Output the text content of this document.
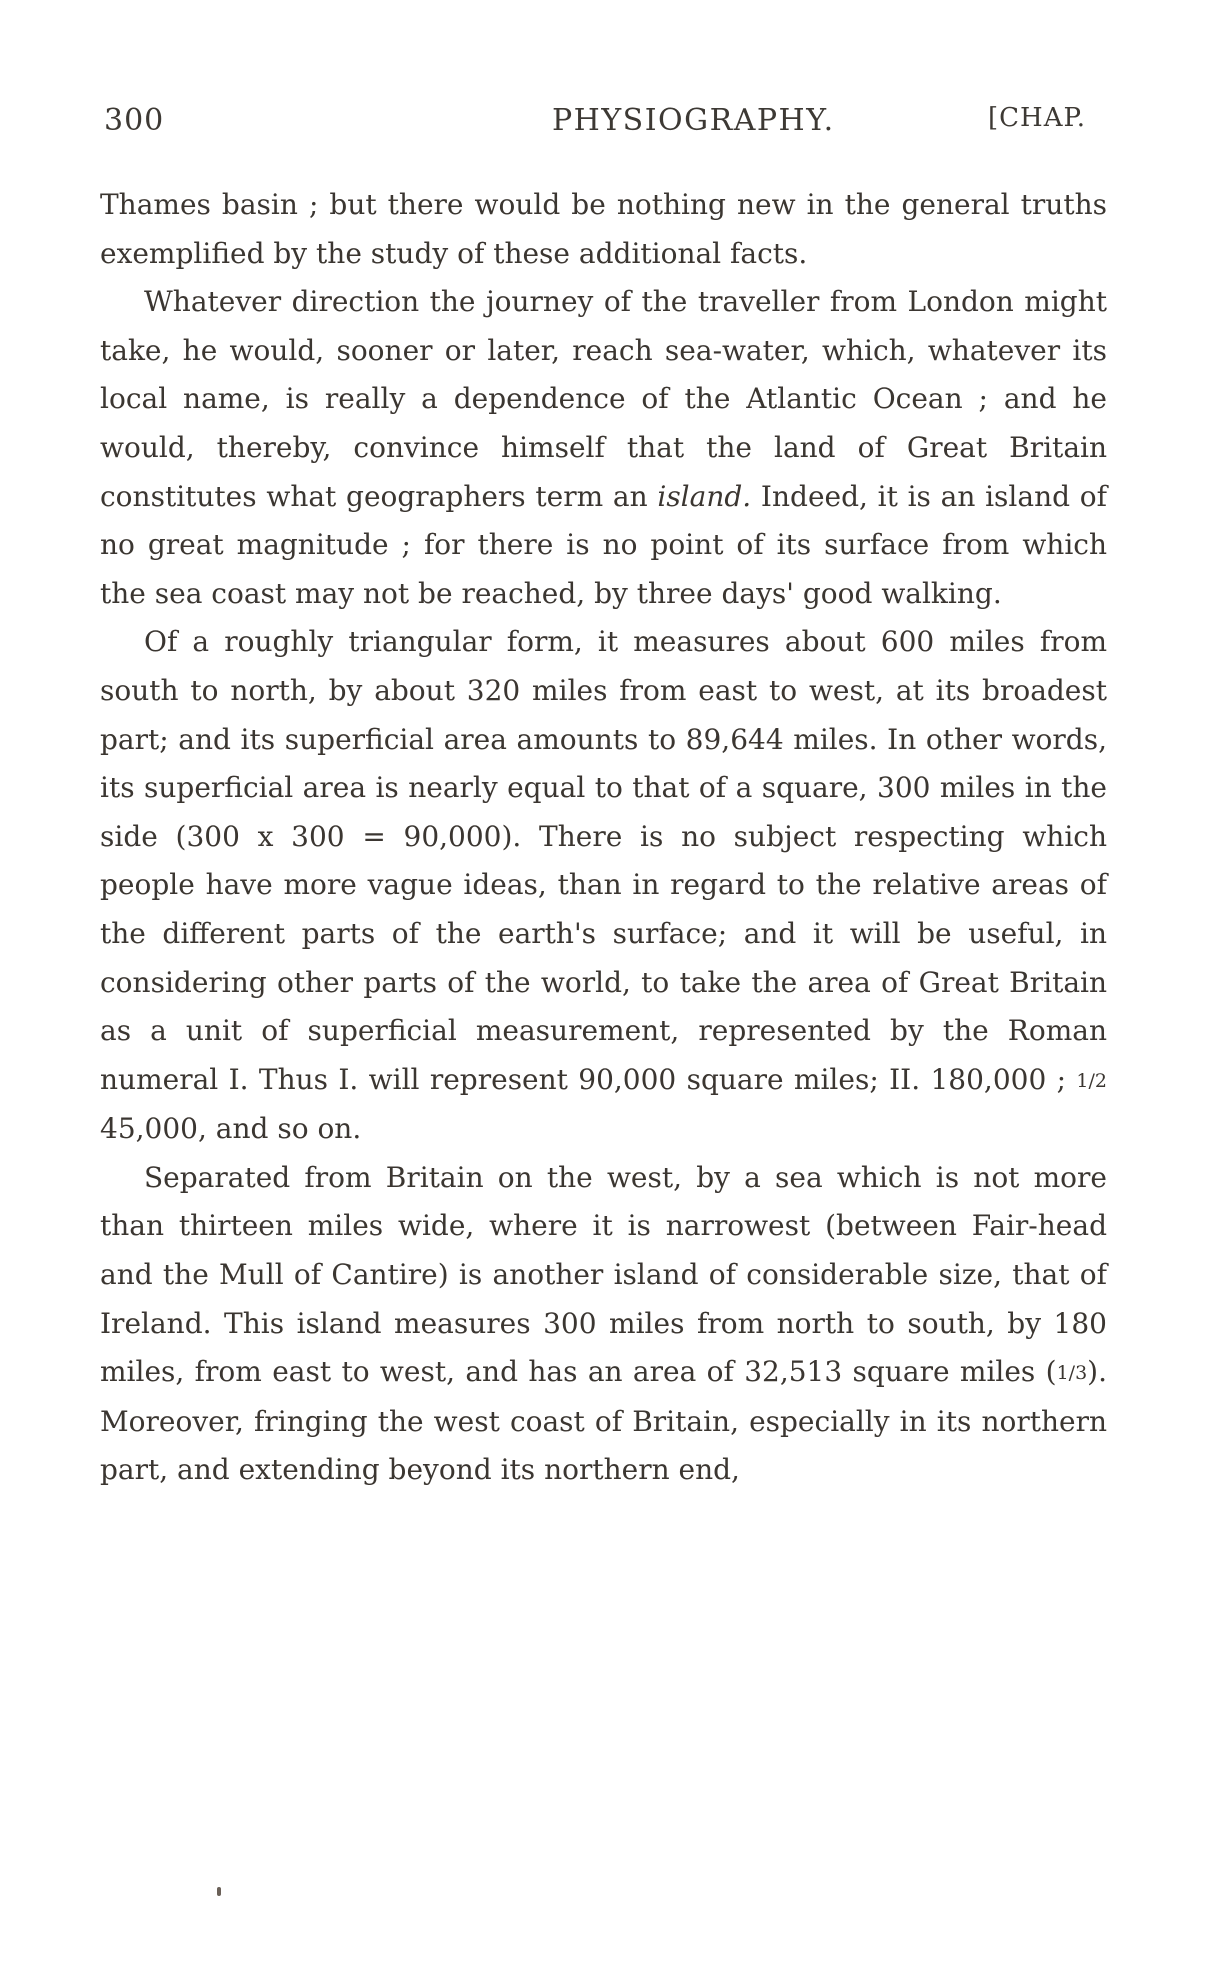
300	PHYSIOGRAPHY.	[CHAP.

Thames basin ; but there would be nothing new in the general truths exemplified by the study of these additional facts.

Whatever direction the journey of the traveller from London might take, he would, sooner or later, reach sea-water, which, whatever its local name, is really a dependence of the Atlantic Ocean ; and he would, thereby, convince himself that the land of Great Britain constitutes what geographers term an island. Indeed, it is an island of no great magnitude ; for there is no point of its surface from which the sea coast may not be reached, by three days' good walking.

Of a roughly triangular form, it measures about 600 miles from south to north, by about 320 miles from east to west, at its broadest part; and its superficial area amounts to 89,644 miles. In other words, its superficial area is nearly equal to that of a square, 300 miles in the side (300 x 300 = 90,000). There is no subject respecting which people have more vague ideas, than in regard to the relative areas of the different parts of the earth's surface; and it will be useful, in considering other parts of the world, to take the area of Great Britain as a unit of superficial measurement, represented by the Roman numeral I. Thus I. will represent 90,000 square miles; II. 180,000 ; 1/2 45,000, and so on.

Separated from Britain on the west, by a sea which is not more than thirteen miles wide, where it is narrowest (between Fair-head and the Mull of Cantire) is another island of considerable size, that of Ireland. This island measures 300 miles from north to south, by 180 miles, from east to west, and has an area of 32,513 square miles (1/3). Moreover, fringing the west coast of Britain, especially in its northern part, and extending beyond its northern end,
